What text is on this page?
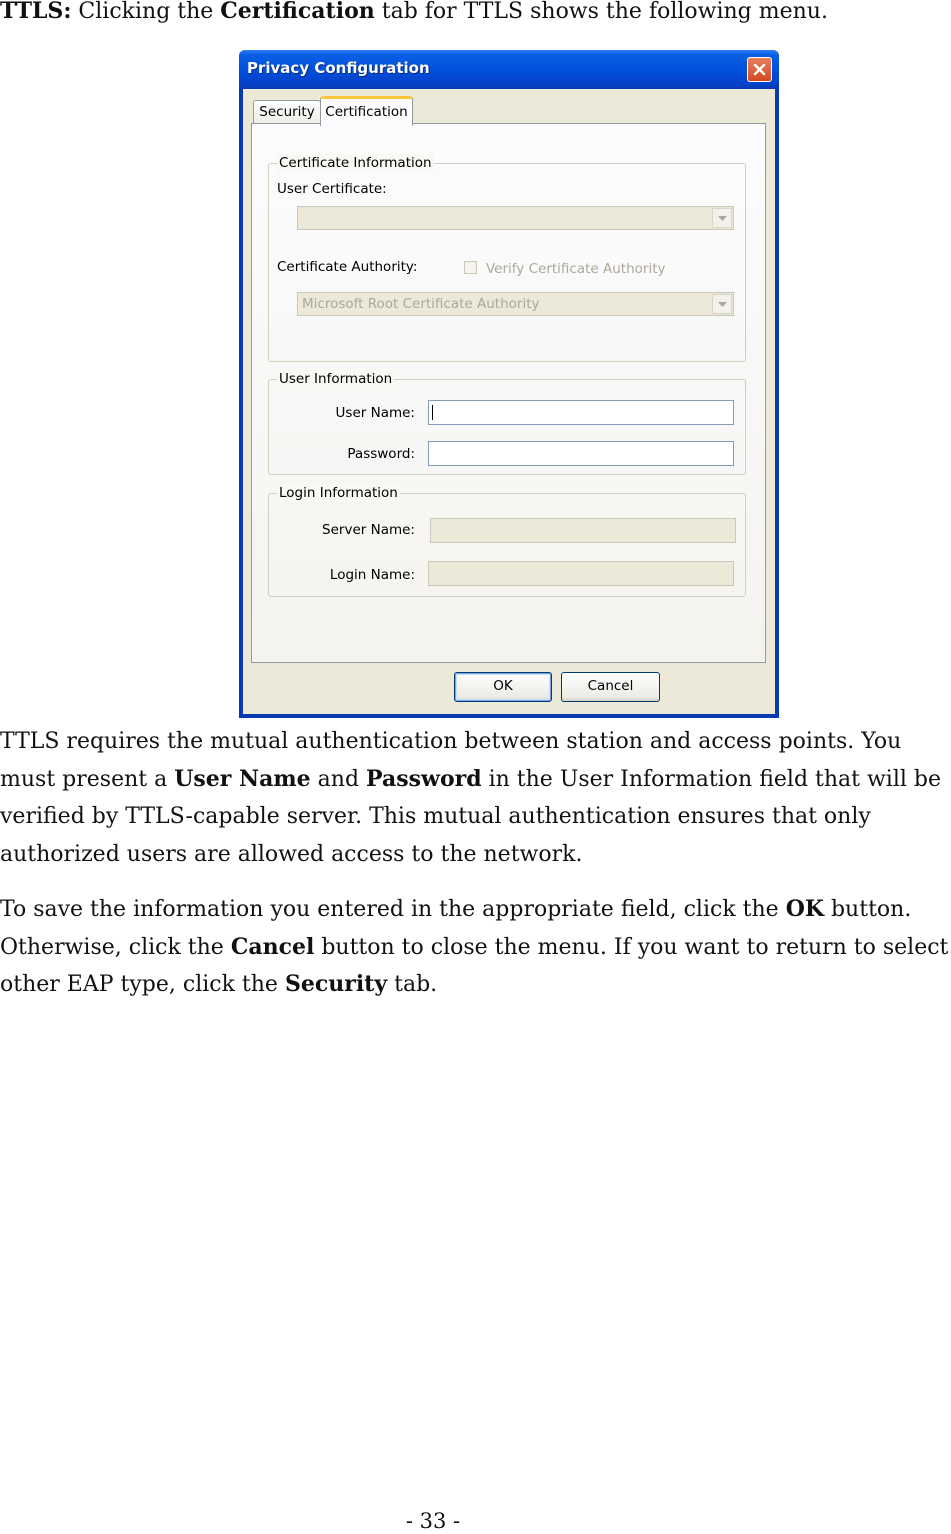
TTLS: Clicking the Certification tab for TTLS shows the following menu.

Privacy Configuration
Security Certification
Certificate Information
User Certificate:
Certificate Authority:	Verify Certificate Authority
Microsoft Root Certificate Authority
User Information
User Name:
Password:
Login Information
Server Name:
Login Name:
OK	Cancel

TTLS requires the mutual authentication between station and access points. You must present a User Name and Password in the User Information field that will be verified by TTLS-capable server. This mutual authentication ensures that only authorized users are allowed access to the network.

To save the information you entered in the appropriate field, click the OK button. Otherwise, click the Cancel button to close the menu. If you want to return to select other EAP type, click the Security tab.

- 33 -
